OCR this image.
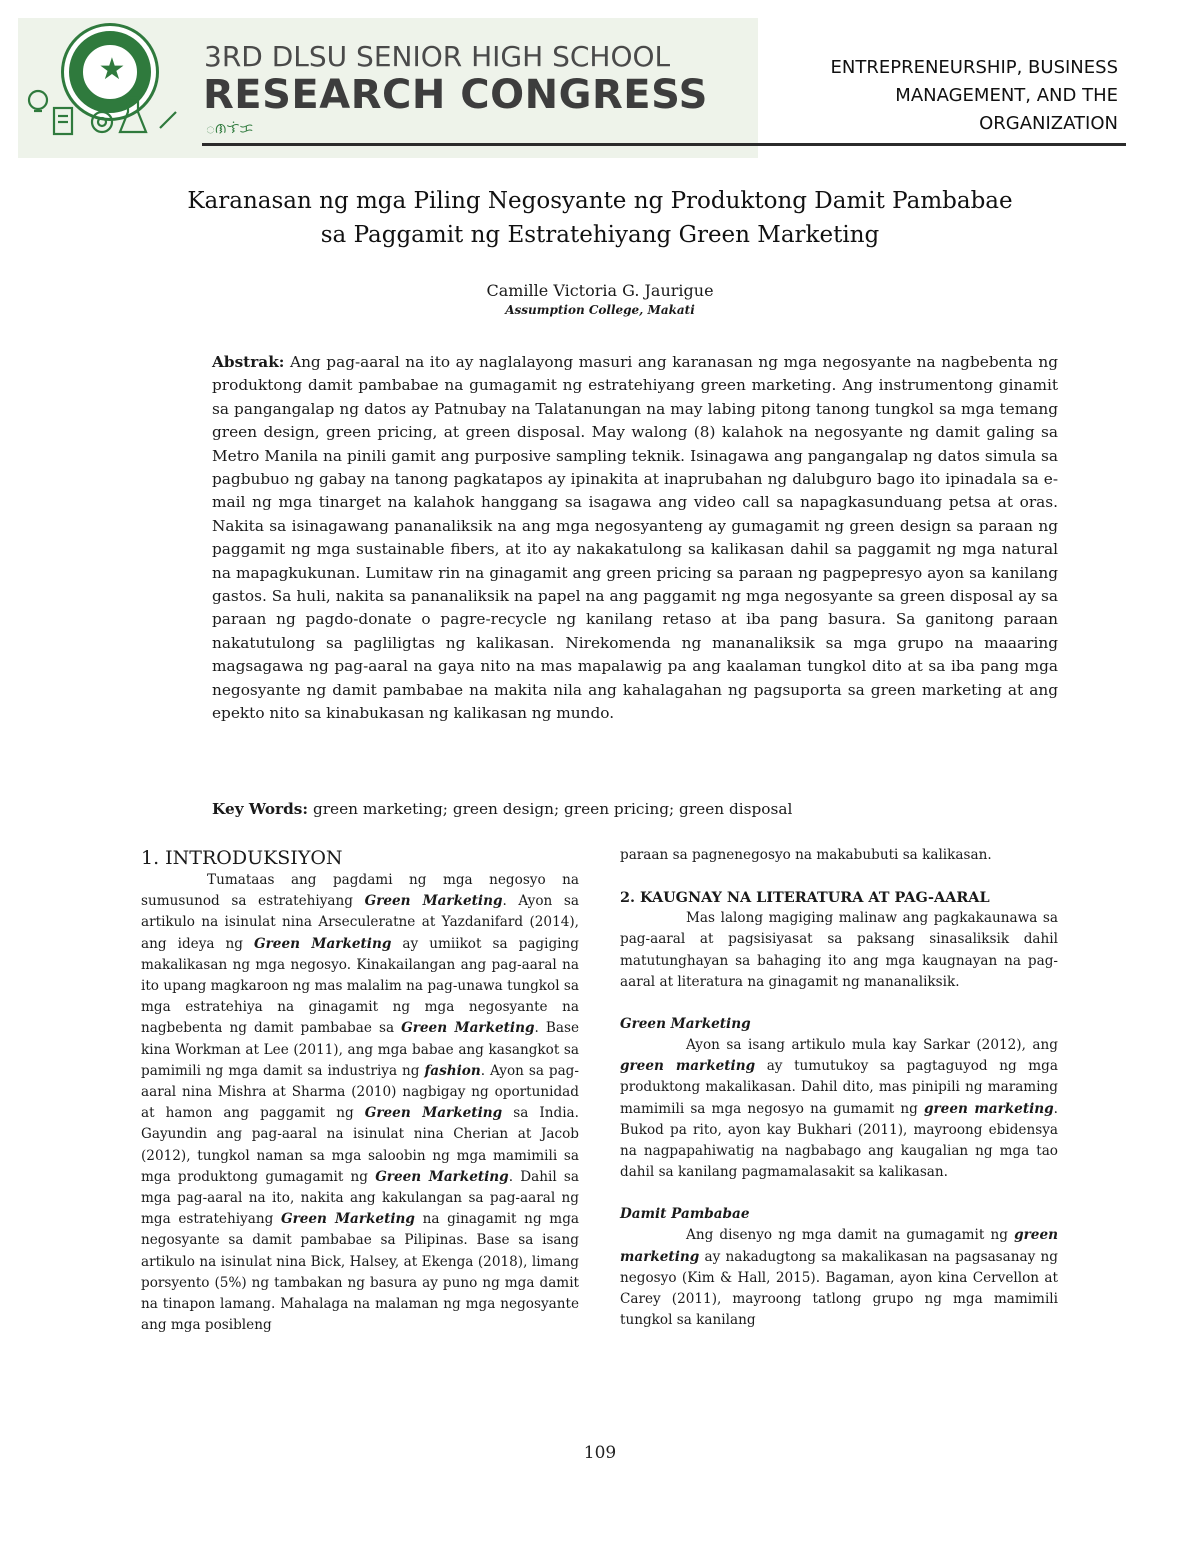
★	3RD DLSU SENIOR HIGH SCHOOL
RESEARCH CONGRESS
ᜀᜈᜎᜒᜃ
ENTREPRENEURSHIP, BUSINESS
MANAGEMENT, AND THE
ORGANIZATION
Karanasan ng mga Piling Negosyante ng Produktong Damit Pambabae
sa Paggamit ng Estratehiyang Green Marketing
Camille Victoria G. Jaurigue
Assumption College, Makati
Abstrak: Ang pag-aaral na ito ay naglalayong masuri ang karanasan ng mga negosyante na nagbebenta ng produktong damit pambabae na gumagamit ng estratehiyang green marketing. Ang instrumentong ginamit sa pangangalap ng datos ay Patnubay na Talatanungan na may labing pitong tanong tungkol sa mga temang green design, green pricing, at green disposal. May walong (8) kalahok na negosyante ng damit galing sa Metro Manila na pinili gamit ang purposive sampling teknik. Isinagawa ang pangangalap ng datos simula sa pagbubuo ng gabay na tanong pagkatapos ay ipinakita at inaprubahan ng dalubguro bago ito ipinadala sa e-mail ng mga tinarget na kalahok hanggang sa isagawa ang video call sa napagkasunduang petsa at oras. Nakita sa isinagawang pananaliksik na ang mga negosyanteng ay gumagamit ng green design sa paraan ng paggamit ng mga sustainable fibers, at ito ay nakakatulong sa kalikasan dahil sa paggamit ng mga natural na mapagkukunan. Lumitaw rin na ginagamit ang green pricing sa paraan ng pagpepresyo ayon sa kanilang gastos. Sa huli, nakita sa pananaliksik na papel na ang paggamit ng mga negosyante sa green disposal ay sa paraan ng pagdo-donate o pagre-recycle ng kanilang retaso at iba pang basura. Sa ganitong paraan nakatutulong sa pagliligtas ng kalikasan. Nirekomenda ng mananaliksik sa mga grupo na maaaring magsagawa ng pag-aaral na gaya nito na mas mapalawig pa ang kaalaman tungkol dito at sa iba pang mga negosyante ng damit pambabae na makita nila ang kahalagahan ng pagsuporta sa green marketing at ang epekto nito sa kinabukasan ng kalikasan ng mundo.
Key Words: green marketing; green design; green pricing; green disposal
1. INTRODUKSIYON

Tumataas ang pagdami ng mga negosyo na sumusunod sa estratehiyang Green Marketing. Ayon sa artikulo na isinulat nina Arseculeratne at Yazdanifard (2014), ang ideya ng Green Marketing ay umiikot sa pagiging makalikasan ng mga negosyo. Kinakailangan ang pag-aaral na ito upang magkaroon ng mas malalim na pag-unawa tungkol sa mga estratehiya na ginagamit ng mga negosyante na nagbebenta ng damit pambabae sa Green Marketing. Base kina Workman at Lee (2011), ang mga babae ang kasangkot sa pamimili ng mga damit sa industriya ng fashion. Ayon sa pag-aaral nina Mishra at Sharma (2010) nagbigay ng oportunidad at hamon ang paggamit ng Green Marketing sa India. Gayundin ang pag-aaral na isinulat nina Cherian at Jacob (2012), tungkol naman sa mga saloobin ng mga mamimili sa mga produktong gumagamit ng Green Marketing. Dahil sa mga pag-aaral na ito, nakita ang kakulangan sa pag-aaral ng mga estratehiyang Green Marketing na ginagamit ng mga negosyante sa damit pambabae sa Pilipinas. Base sa isang artikulo na isinulat nina Bick, Halsey, at Ekenga (2018), limang porsyento (5%) ng tambakan ng basura ay puno ng mga damit na tinapon lamang. Mahalaga na malaman ng mga negosyante ang mga posibleng

paraan sa pagnenegosyo na makabubuti sa kalikasan.

2. KAUGNAY NA LITERATURA AT PAG-AARAL

Mas lalong magiging malinaw ang pagkakaunawa sa pag-aaral at pagsisiyasat sa paksang sinasaliksik dahil matutunghayan sa bahaging ito ang mga kaugnayan na pag-aaral at literatura na ginagamit ng mananaliksik.

Green Marketing

Ayon sa isang artikulo mula kay Sarkar (2012), ang green marketing ay tumutukoy sa pagtaguyod ng mga produktong makalikasan. Dahil dito, mas pinipili ng maraming mamimili sa mga negosyo na gumamit ng green marketing. Bukod pa rito, ayon kay Bukhari (2011), mayroong ebidensya na nagpapahiwatig na nagbabago ang kaugalian ng mga tao dahil sa kanilang pagmamalasakit sa kalikasan.

Damit Pambabae

Ang disenyo ng mga damit na gumagamit ng green marketing ay nakadugtong sa makalikasan na pagsasanay ng negosyo (Kim & Hall, 2015). Bagaman, ayon kina Cervellon at Carey (2011), mayroong tatlong grupo ng mga mamimili tungkol sa kanilang

109
